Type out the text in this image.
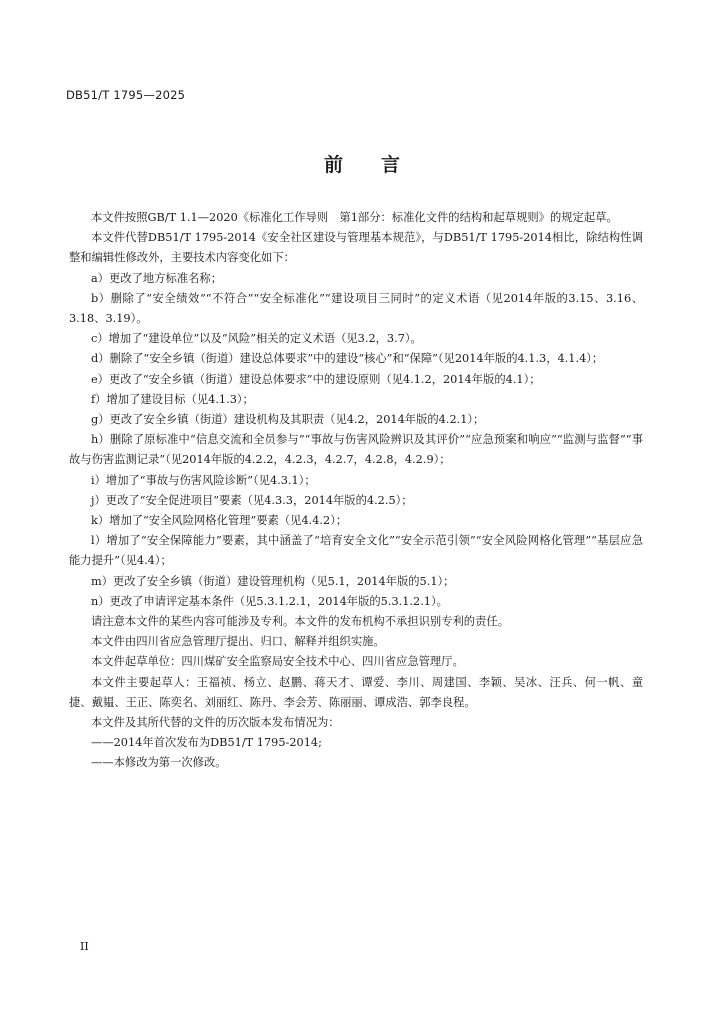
DB51/T 1795—2025
前 言

本文件按照GB/T 1.1—2020《标准化工作导则　第1部分：标准化文件的结构和起草规则》的规定起草。

本文件代替DB51/T 1795-2014《安全社区建设与管理基本规范》，与DB51/T 1795-2014相比，除结构性调整和编辑性修改外，主要技术内容变化如下：

a）更改了地方标准名称；

b）删除了“安全绩效”“不符合”“安全标准化”“建设项目三同时”的定义术语（见2014年版的3.15、3.16、3.18、3.19）。

c）增加了“建设单位”以及“风险”相关的定义术语（见3.2，3.7）。

d）删除了“安全乡镇（街道）建设总体要求”中的建设“核心”和“保障”（见2014年版的4.1.3，4.1.4）；

e）更改了“安全乡镇（街道）建设总体要求”中的建设原则（见4.1.2，2014年版的4.1）；

f）增加了建设目标（见4.1.3）；

g）更改了安全乡镇（街道）建设机构及其职责（见4.2，2014年版的4.2.1）；

h）删除了原标准中“信息交流和全员参与”“事故与伤害风险辨识及其评价”“应急预案和响应”“监测与监督”“事故与伤害监测记录”（见2014年版的4.2.2，4.2.3，4.2.7，4.2.8，4.2.9）；

i）增加了“事故与伤害风险诊断”（见4.3.1）；

j）更改了“安全促进项目”要素（见4.3.3，2014年版的4.2.5）；

k）增加了“安全风险网格化管理”要素（见4.4.2）；

l）增加了“安全保障能力”要素，其中涵盖了“培育安全文化”“安全示范引领”“安全风险网格化管理”“基层应急能力提升”（见4.4）；

m）更改了安全乡镇（街道）建设管理机构（见5.1，2014年版的5.1）；

n）更改了申请评定基本条件（见5.3.1.2.1，2014年版的5.3.1.2.1）。

请注意本文件的某些内容可能涉及专利。本文件的发布机构不承担识别专利的责任。

本文件由四川省应急管理厅提出、归口、解释并组织实施。

本文件起草单位：四川煤矿安全监察局安全技术中心、四川省应急管理厅。

本文件主要起草人：王福祯、杨立、赵鹏、蒋天才、谭爱、李川、周建国、李颖、吴冰、汪兵、何一帆、童捷、戴韫、王正、陈奕名、刘丽红、陈丹、李会芳、陈丽丽、谭成浩、郭李良程。

本文件及其所代替的文件的历次版本发布情况为：

——2014年首次发布为DB51/T 1795-2014;

——本修改为第一次修改。

II
